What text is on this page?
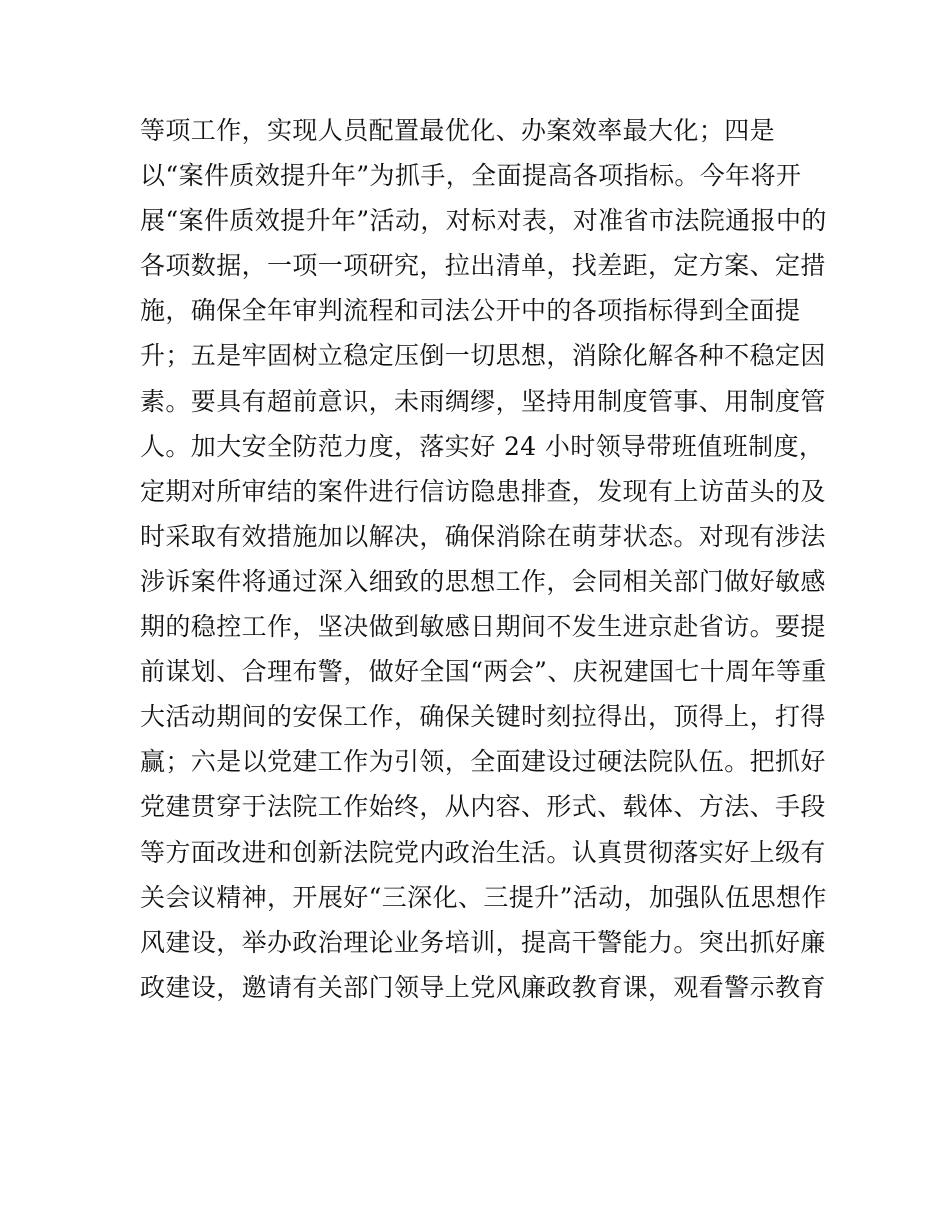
等项工作，实现人员配置最优化、办案效率最大化；四是
以“案件质效提升年”为抓手，全面提高各项指标。今年将开
展“案件质效提升年”活动，对标对表，对准省市法院通报中的
各项数据，一项一项研究，拉出清单，找差距，定方案、定措
施，确保全年审判流程和司法公开中的各项指标得到全面提
升；五是牢固树立稳定压倒一切思想，消除化解各种不稳定因
素。要具有超前意识，未雨绸缪，坚持用制度管事、用制度管
人。加大安全防范力度，落实好 24 小时领导带班值班制度，
定期对所审结的案件进行信访隐患排查，发现有上访苗头的及
时采取有效措施加以解决，确保消除在萌芽状态。对现有涉法
涉诉案件将通过深入细致的思想工作，会同相关部门做好敏感
期的稳控工作，坚决做到敏感日期间不发生进京赴省访。要提
前谋划、合理布警，做好全国“两会”、庆祝建国七十周年等重
大活动期间的安保工作，确保关键时刻拉得出，顶得上，打得
赢；六是以党建工作为引领，全面建设过硬法院队伍。把抓好
党建贯穿于法院工作始终，从内容、形式、载体、方法、手段
等方面改进和创新法院党内政治生活。认真贯彻落实好上级有
关会议精神，开展好“三深化、三提升”活动，加强队伍思想作
风建设，举办政治理论业务培训，提高干警能力。突出抓好廉
政建设，邀请有关部门领导上党风廉政教育课，观看警示教育
